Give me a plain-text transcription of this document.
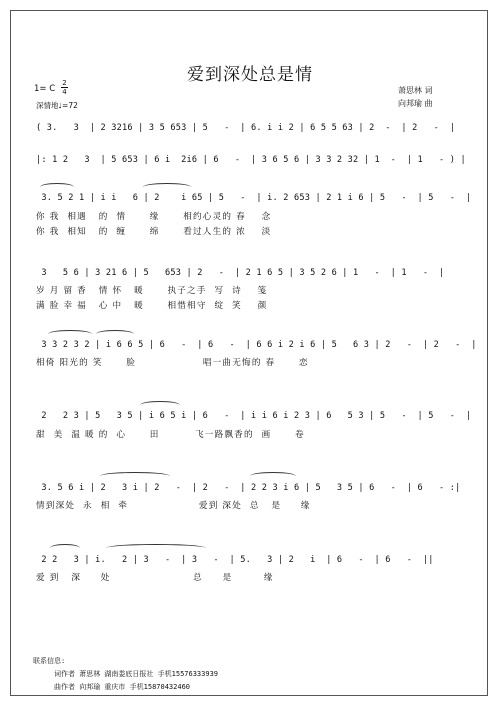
爱到深处总是情
萧思林 词
向邦瑜 曲
1= C
2
4
深情地♩=72
( 3.   3  | 2 3216 | 3 5 653 | 5   -  | 6. i i 2 | 6 5 5 63 | 2  -  | 2   -  |
|: 1 2   3  | 5 653 | 6 i  2i6 | 6   -  | 3 6 5 6 | 3 3 2 32 | 1  -  | 1   - ) |
3. 5 2 1 | i i   6 | 2    i 65 | 5   -  | i. 2 653 | 2 1 i 6 | 5   -  | 5   -  |
你 我  相遇   的  情      缘      相约心灵的 春    念
你 我  相知   的  缠      绵      看过人生的 浓    淡
3   5 6 | 3 21 6 | 5   653 | 2   -  | 2 1 6 5 | 3 5 2 6 | 1   -  | 1   -  |
岁 月 留 香   情 怀   暖      执子之手  写  诗    笺
满 脸 幸 福   心 中   暖      相惜相守  绽  笑    颜
3 3 2 3 2 | i 6 6 5 | 6   -  | 6   -  | 6 6 i 2 i 6 | 5   6 3 | 2   -  | 2   -  |
相倚 阳光的 笑      脸                 唱一曲无悔的 春      恋
2   2 3 | 5   3 5 | i 6 5 i | 6   -  | i i 6 i 2 3 | 6   5 3 | 5   -  | 5   -  |
甜  美  温 暖 的  心      田         飞一路飘香的  画      卷
3. 5 6 i | 2   3 i | 2   -  | 2   -  | 2 2 3 i 6 | 5   3 5 | 6   -  | 6   - :|
情到深处  永  相  牵                  爱到 深处  总   是     缘
2 2   3 | i.   2 | 3   -  | 3   -  | 5.   3 | 2   i  | 6   -  | 6   -  ||
爱 到   深     处                     总     是        缘
联系信息:
词作者 萧思林 湖南娄底日报社 手机15576333939
曲作者 向邦瑜 重庆市 手机15870432460
